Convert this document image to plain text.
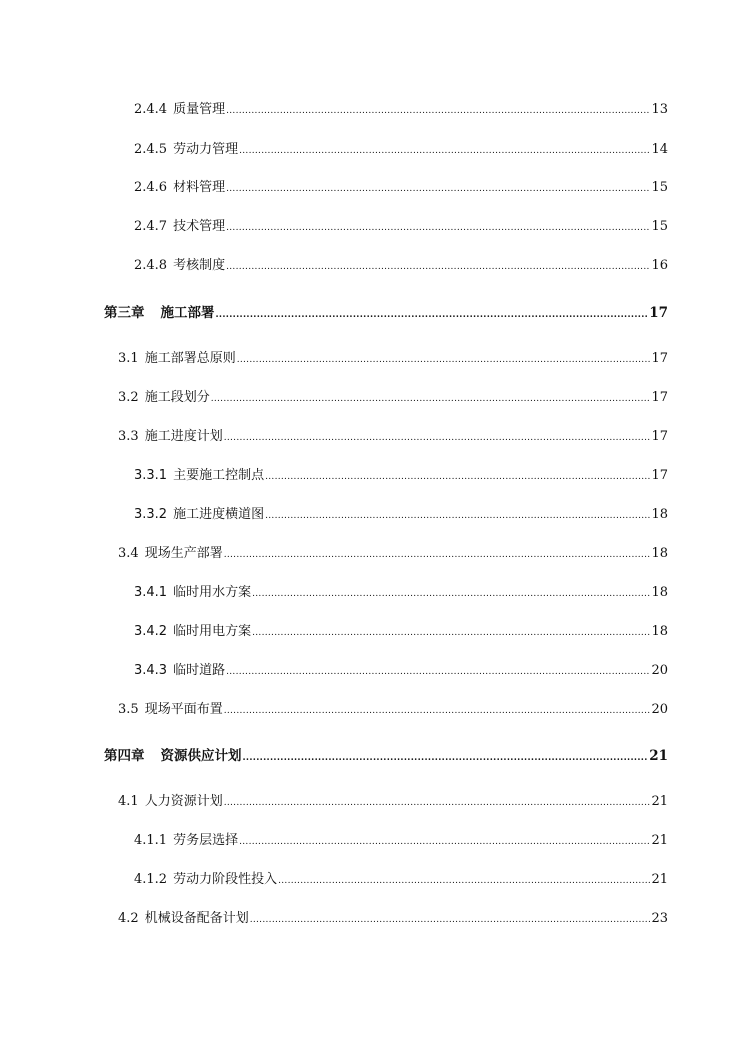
2.4.4 质量管理 .....	13
2.4.5 劳动力管理 .....	14
2.4.6 材料管理 .....	15
2.4.7 技术管理 .....	15
2.4.8 考核制度 .....	16
第三章 施工部署 .....	17
3.1 施工部署总原则 .....	17
3.2 施工段划分 .....	17
3.3 施工进度计划 .....	17
3.3.1 主要施工控制点 .....	17
3.3.2 施工进度横道图 .....	18
3.4 现场生产部署 .....	18
3.4.1 临时用水方案 .....	18
3.4.2 临时用电方案 .....	18
3.4.3 临时道路 .....	20
3.5 现场平面布置 .....	20
第四章 资源供应计划 .....	21
4.1 人力资源计划 .....	21
4.1.1 劳务层选择 .....	21
4.1.2 劳动力阶段性投入 .....	21
4.2 机械设备配备计划 .....	23
